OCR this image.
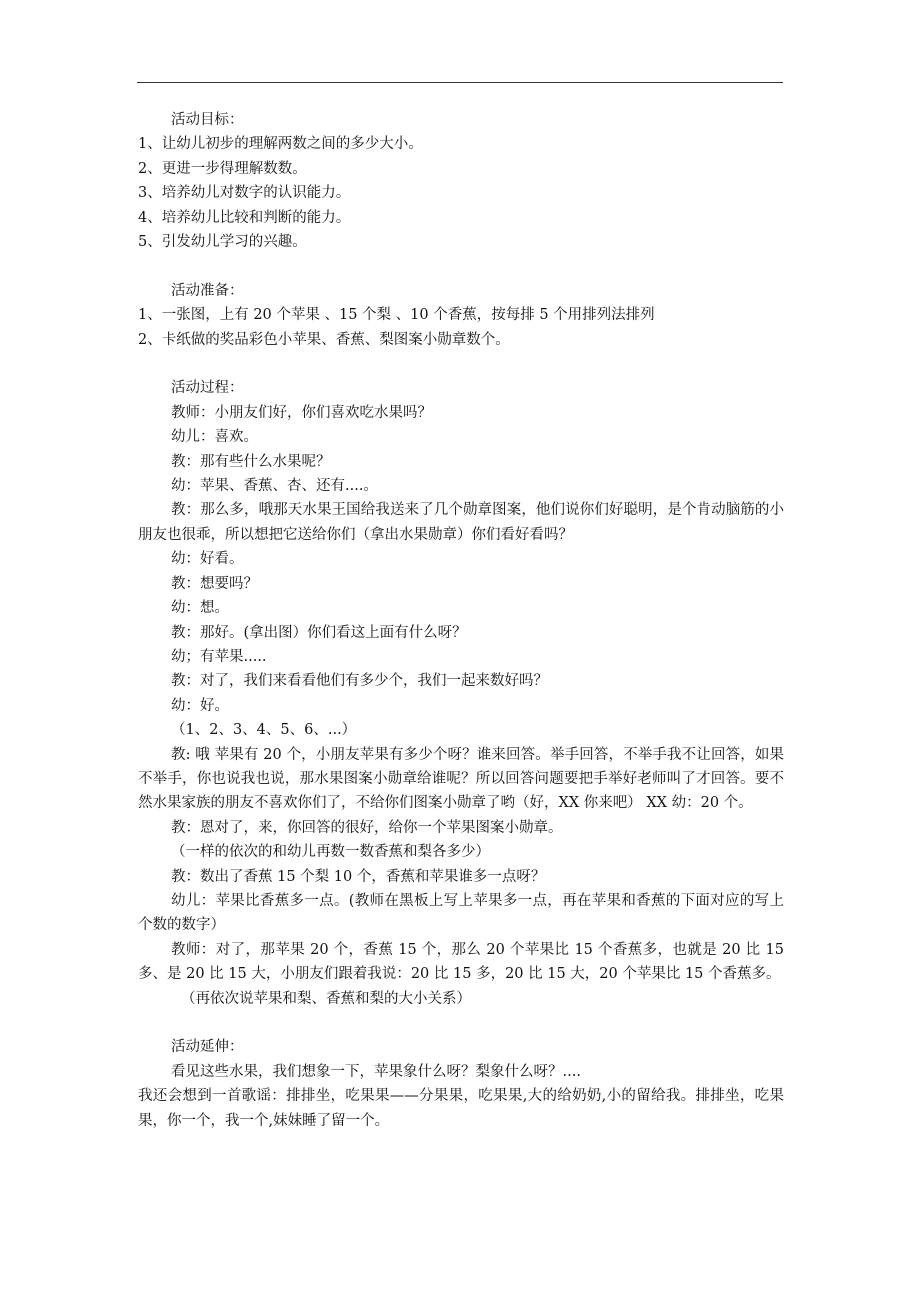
活动目标：
1、让幼儿初步的理解两数之间的多少大小。
2、更进一步得理解数数。
3、培养幼儿对数字的认识能力。
4、培养幼儿比较和判断的能力。
5、引发幼儿学习的兴趣。
活动准备：
1、一张图，上有 20 个苹果 、15 个梨 、10 个香蕉，按每排 5 个用排列法排列
2、卡纸做的奖品彩色小苹果、香蕉、梨图案小勋章数个。
活动过程：
教师：小朋友们好，你们喜欢吃水果吗？
幼儿：喜欢。
教：那有些什么水果呢？
幼：苹果、香蕉、杏、还有....。
教：那么多，哦那天水果王国给我送来了几个勋章图案，他们说你们好聪明，是个肯动脑筋的小朋友也很乖，所以想把它送给你们（拿出水果勋章）你们看好看吗？
幼：好看。
教：想要吗？
幼：想。
教：那好。(拿出图）你们看这上面有什么呀？
幼；有苹果.....
教：对了，我们来看看他们有多少个，我们一起来数好吗？
幼：好。
（1、2、3、4、5、6、...）
教: 哦 苹果有 20 个，小朋友苹果有多少个呀？谁来回答。举手回答，不举手我不让回答，如果不举手，你也说我也说，那水果图案小勋章给谁呢？所以回答问题要把手举好老师叫了才回答。要不然水果家族的朋友不喜欢你们了，不给你们图案小勋章了哟（好，XX 你来吧） XX 幼：20 个。
教：恩对了，来，你回答的很好，给你一个苹果图案小勋章。
（一样的依次的和幼儿再数一数香蕉和梨各多少）
教：数出了香蕉 15 个梨 10 个，香蕉和苹果谁多一点呀？
幼儿：苹果比香蕉多一点。(教师在黑板上写上苹果多一点，再在苹果和香蕉的下面对应的写上个数的数字）
教师：对了，那苹果 20 个，香蕉 15 个，那么 20 个苹果比 15 个香蕉多，也就是 20 比 15 多、是 20 比 15 大，小朋友们跟着我说：20 比 15 多，20 比 15 大，20 个苹果比 15 个香蕉多。
（再依次说苹果和梨、香蕉和梨的大小关系）
活动延伸：
看见这些水果，我们想象一下，苹果象什么呀？梨象什么呀？....
我还会想到一首歌谣：排排坐，吃果果——分果果，吃果果,大的给奶奶,小的留给我。排排坐，吃果果，你一个，我一个,妹妹睡了留一个。
